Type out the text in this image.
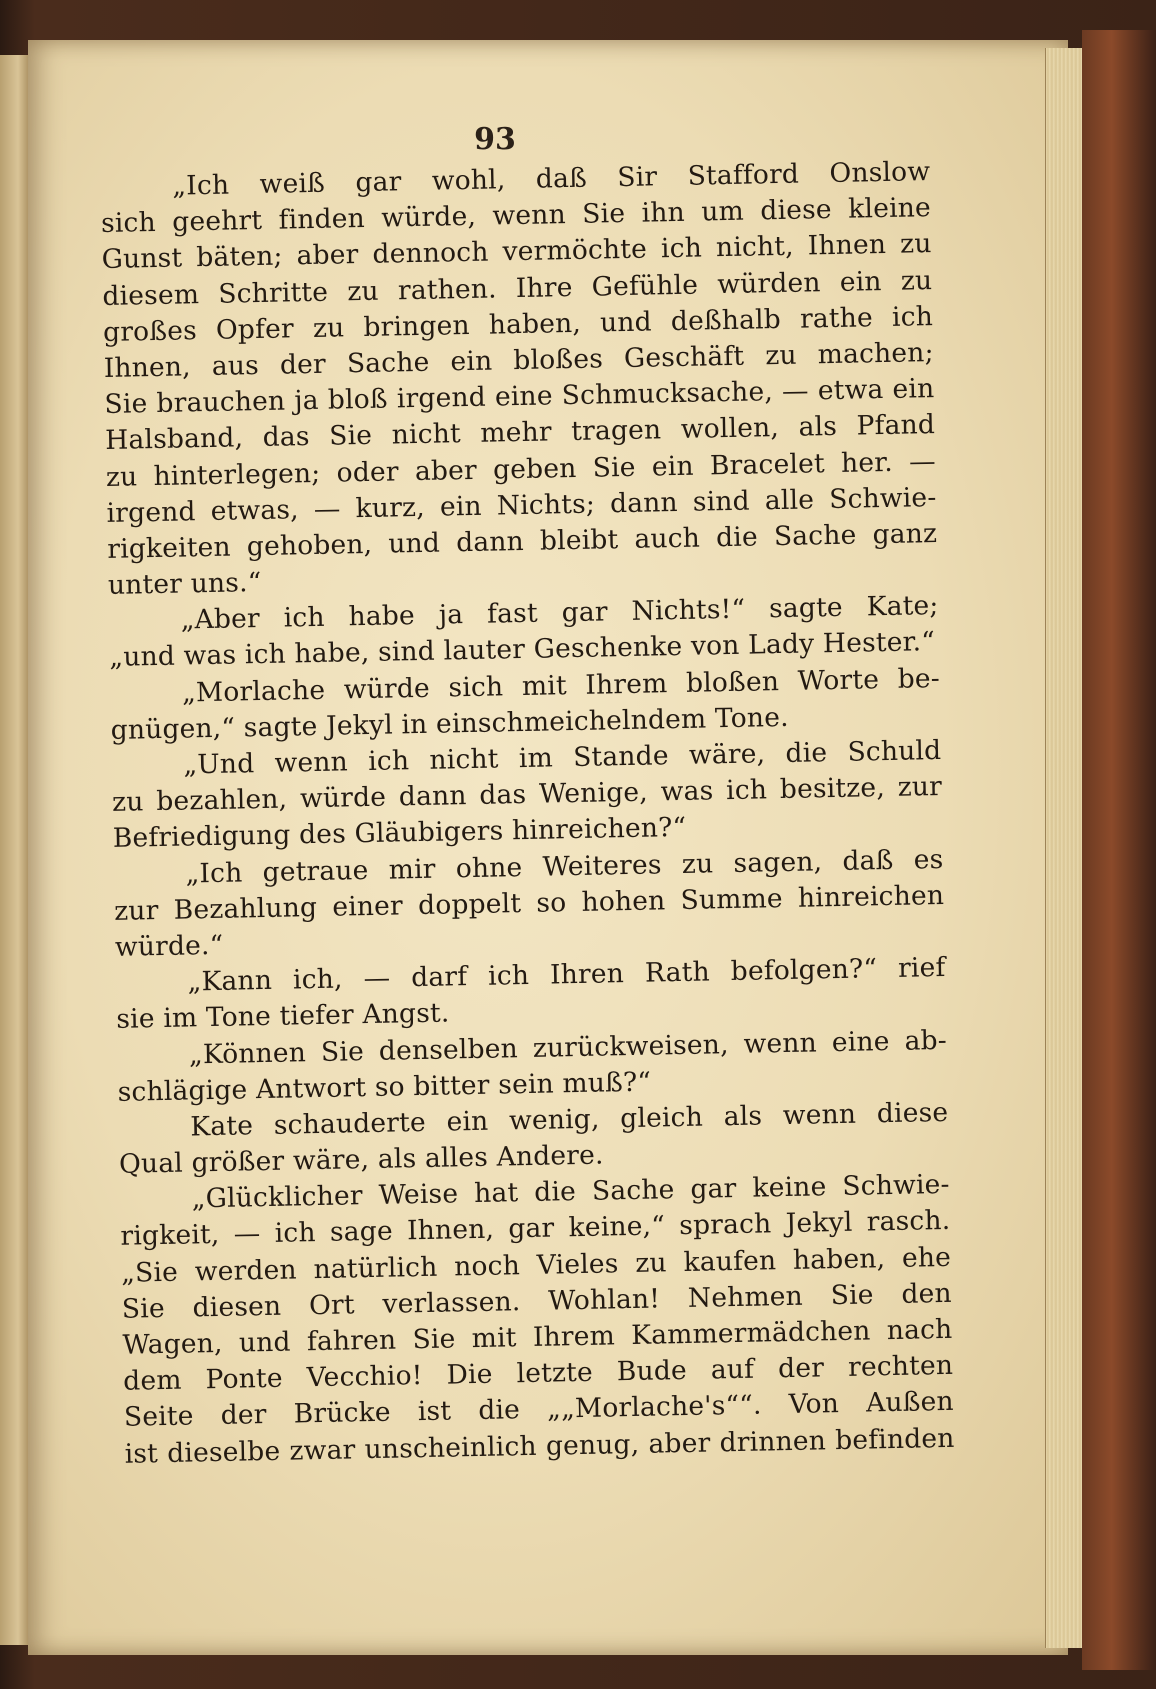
93
„Ich weiß gar wohl, daß Sir Stafford Onslow
sich geehrt finden würde, wenn Sie ihn um diese kleine
Gunst bäten; aber dennoch vermöchte ich nicht, Ihnen zu
diesem Schritte zu rathen. Ihre Gefühle würden ein zu
großes Opfer zu bringen haben, und deßhalb rathe ich
Ihnen, aus der Sache ein bloßes Geschäft zu machen;
Sie brauchen ja bloß irgend eine Schmucksache, — etwa ein
Halsband, das Sie nicht mehr tragen wollen, als Pfand
zu hinterlegen; oder aber geben Sie ein Bracelet her. —
irgend etwas, — kurz, ein Nichts; dann sind alle Schwie-
rigkeiten gehoben, und dann bleibt auch die Sache ganz
unter uns.“
„Aber ich habe ja fast gar Nichts!“ sagte Kate;
„und was ich habe, sind lauter Geschenke von Lady Hester.“
„Morlache würde sich mit Ihrem bloßen Worte be-
gnügen,“ sagte Jekyl in einschmeichelndem Tone.
„Und wenn ich nicht im Stande wäre, die Schuld
zu bezahlen, würde dann das Wenige, was ich besitze, zur
Befriedigung des Gläubigers hinreichen?“
„Ich getraue mir ohne Weiteres zu sagen, daß es
zur Bezahlung einer doppelt so hohen Summe hinreichen
würde.“
„Kann ich, — darf ich Ihren Rath befolgen?“ rief
sie im Tone tiefer Angst.
„Können Sie denselben zurückweisen, wenn eine ab-
schlägige Antwort so bitter sein muß?“
Kate schauderte ein wenig, gleich als wenn diese
Qual größer wäre, als alles Andere.
„Glücklicher Weise hat die Sache gar keine Schwie-
rigkeit, — ich sage Ihnen, gar keine,“ sprach Jekyl rasch.
„Sie werden natürlich noch Vieles zu kaufen haben, ehe
Sie diesen Ort verlassen. Wohlan! Nehmen Sie den
Wagen, und fahren Sie mit Ihrem Kammermädchen nach
dem Ponte Vecchio! Die letzte Bude auf der rechten
Seite der Brücke ist die „„Morlache's““. Von Außen
ist dieselbe zwar unscheinlich genug, aber drinnen befinden
